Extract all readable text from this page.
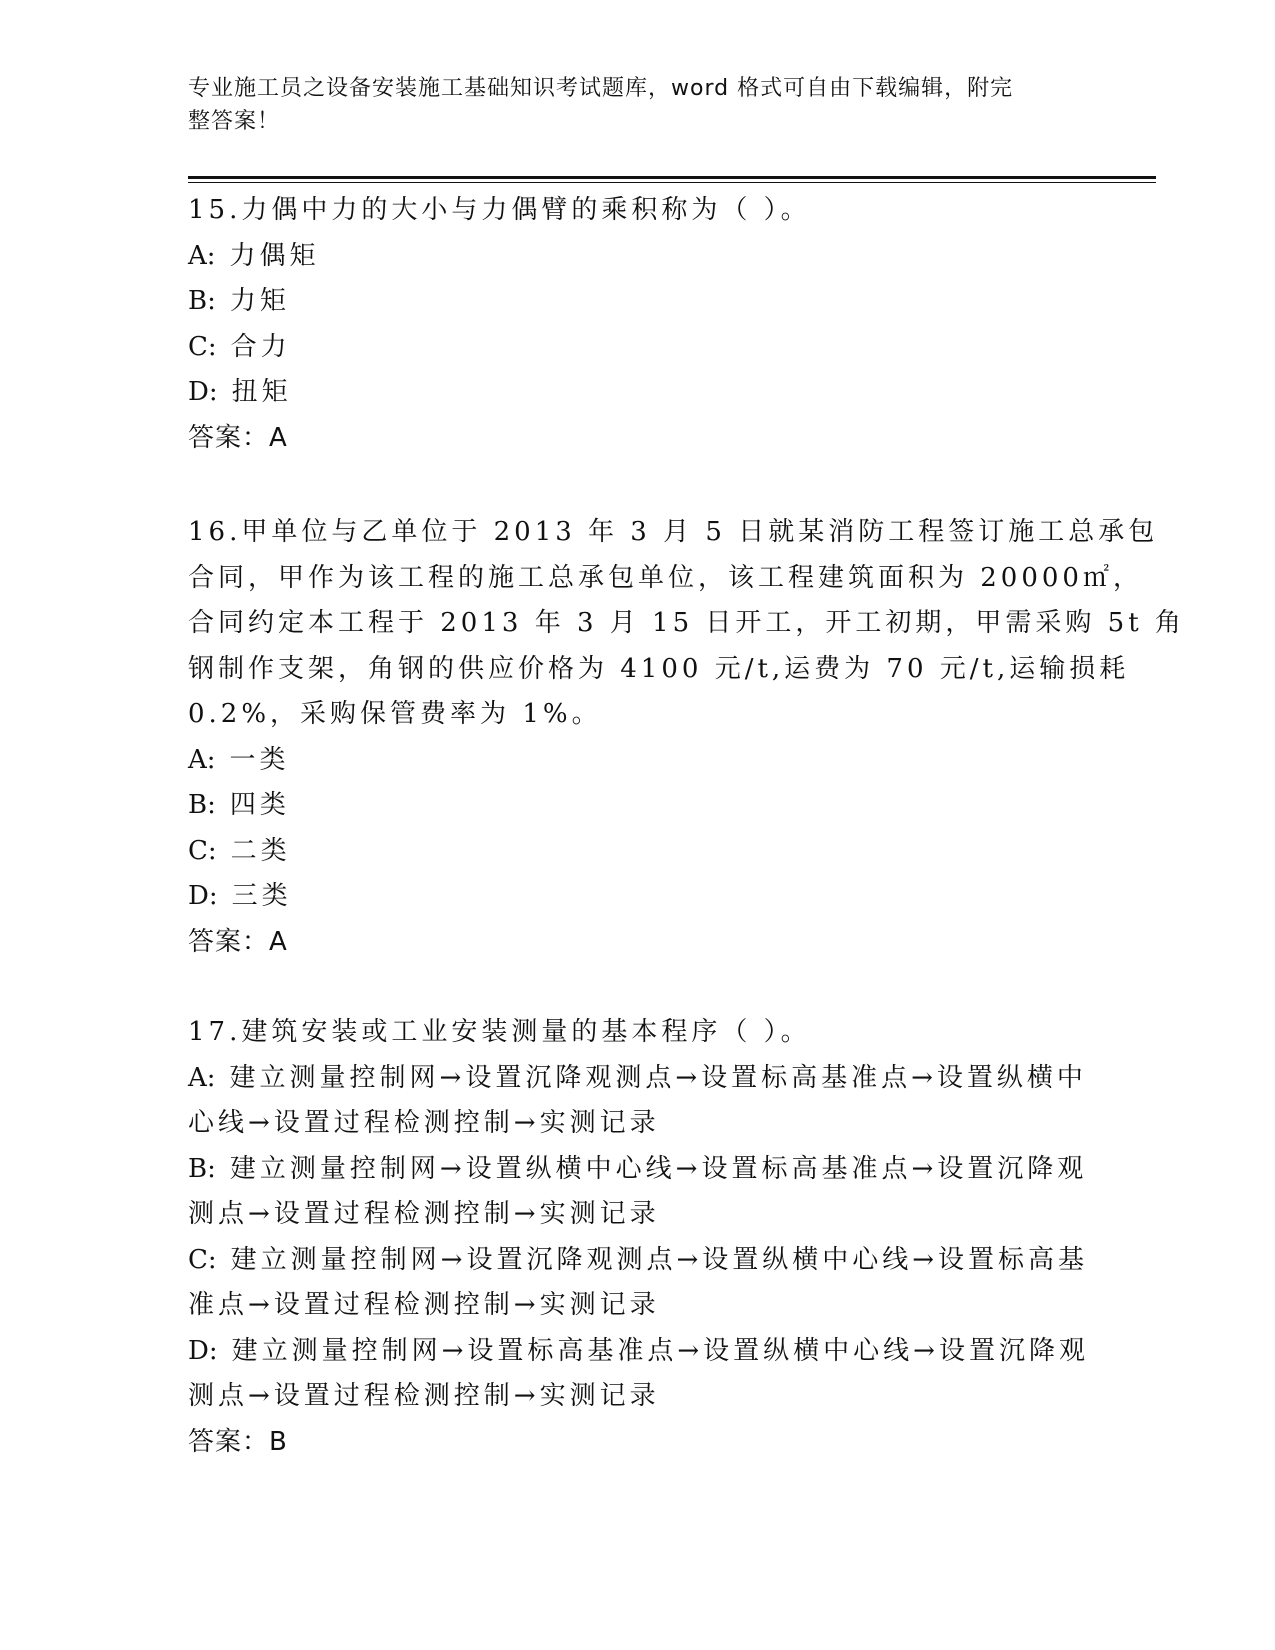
专业施工员之设备安装施工基础知识考试题库，word 格式可自由下载编辑，附完
整答案！
15.力偶中力的大小与力偶臂的乘积称为（ ）。
A: 力偶矩
B: 力矩
C: 合力
D: 扭矩
答案：A
16.甲单位与乙单位于 2013 年 3 月 5 日就某消防工程签订施工总承包
合同，甲作为该工程的施工总承包单位，该工程建筑面积为 20000㎡，
合同约定本工程于 2013 年 3 月 15 日开工，开工初期，甲需采购 5t 角
钢制作支架，角钢的供应价格为 4100 元/t,运费为 70 元/t,运输损耗
0.2%，采购保管费率为 1%。
A: 一类
B: 四类
C: 二类
D: 三类
答案：A
17.建筑安装或工业安装测量的基本程序（ ）。
A: 建立测量控制网→设置沉降观测点→设置标高基准点→设置纵横中
心线→设置过程检测控制→实测记录
B: 建立测量控制网→设置纵横中心线→设置标高基准点→设置沉降观
测点→设置过程检测控制→实测记录
C: 建立测量控制网→设置沉降观测点→设置纵横中心线→设置标高基
准点→设置过程检测控制→实测记录
D: 建立测量控制网→设置标高基准点→设置纵横中心线→设置沉降观
测点→设置过程检测控制→实测记录
答案：B
